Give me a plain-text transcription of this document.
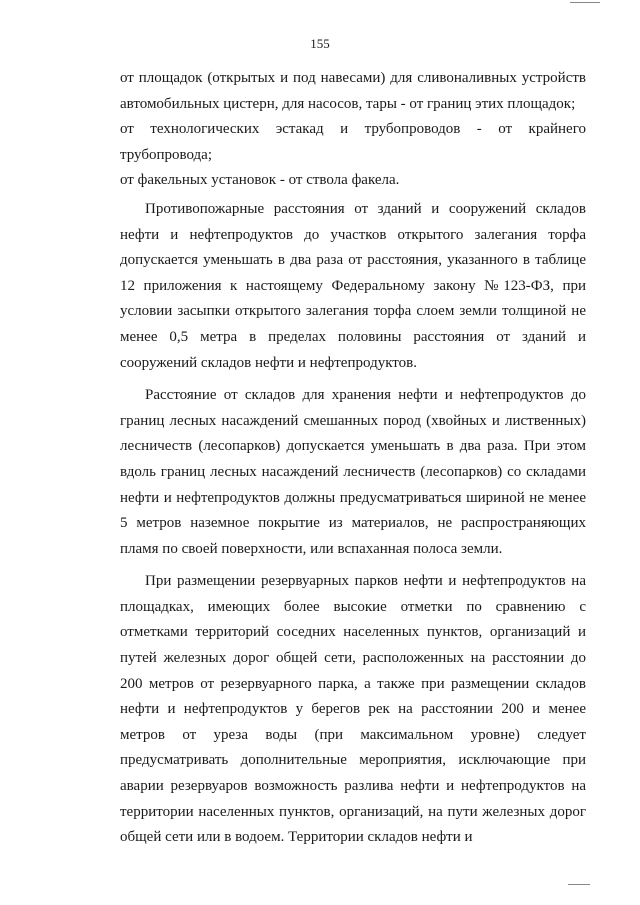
155

от площадок (открытых и под навесами) для сливоналивных устройств автомобильных цистерн, для насосов, тары - от границ этих площадок;

от технологических эстакад и трубопроводов - от крайнего трубопровода;

от факельных установок - от ствола факела.

Противопожарные расстояния от зданий и сооружений складов нефти и нефтепродуктов до участков открытого залегания торфа допускается уменьшать в два раза от расстояния, указанного в таблице 12 приложения к настоящему Федеральному закону №123-ФЗ, при условии засыпки открытого залегания торфа слоем земли толщиной не менее 0,5 метра в пределах половины расстояния от зданий и сооружений складов нефти и нефтепродуктов.

Расстояние от складов для хранения нефти и нефтепродуктов до границ лесных насаждений смешанных пород (хвойных и лиственных) лесничеств (лесопарков) допускается уменьшать в два раза. При этом вдоль границ лесных насаждений лесничеств (лесопарков) со складами нефти и нефтепродуктов должны предусматриваться шириной не менее 5 метров наземное покрытие из материалов, не распространяющих пламя по своей поверхности, или вспаханная полоса земли.

При размещении резервуарных парков нефти и нефтепродуктов на площадках, имеющих более высокие отметки по сравнению с отметками территорий соседних населенных пунктов, организаций и путей железных дорог общей сети, расположенных на расстоянии до 200 метров от резервуарного парка, а также при размещении складов нефти и нефтепродуктов у берегов рек на расстоянии 200 и менее метров от уреза воды (при максимальном уровне) следует предусматривать дополнительные мероприятия, исключающие при аварии резервуаров возможность разлива нефти и нефтепродуктов на территории населенных пунктов, организаций, на пути железных дорог общей сети или в водоем. Территории складов нефти и
